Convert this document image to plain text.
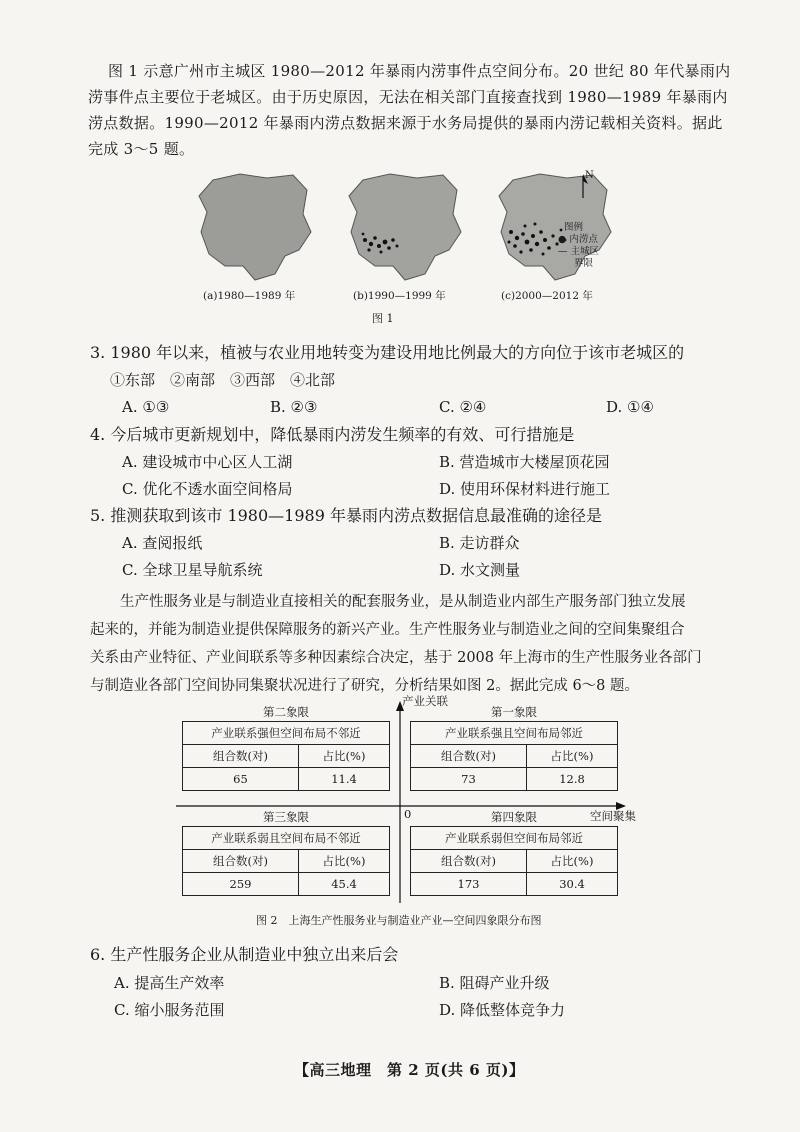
图 1 示意广州市主城区 1980—2012 年暴雨内涝事件点空间分布。20 世纪 80 年代暴雨内
涝事件点主要位于老城区。由于历史原因，无法在相关部门直接查找到 1980—1989 年暴雨内
涝点数据。1990—2012 年暴雨内涝点数据来源于水务局提供的暴雨内涝记载相关资料。据此
完成 3～5 题。
(a)1980—1989 年	(b)1990—1999 年	(c)2000—2012 年
N
图例
● 内涝点
— 主城区
界限
图 1
3. 1980 年以来，植被与农业用地转变为建设用地比例最大的方向位于该市老城区的
①东部　②南部　③西部　④北部
A. ①③	B. ②③	C. ②④	D. ①④
4. 今后城市更新规划中，降低暴雨内涝发生频率的有效、可行措施是
A. 建设城市中心区人工湖	B. 营造城市大楼屋顶花园
C. 优化不透水面空间格局	D. 使用环保材料进行施工
5. 推测获取到该市 1980—1989 年暴雨内涝点数据信息最准确的途径是
A. 查阅报纸	B. 走访群众
C. 全球卫星导航系统	D. 水文测量
生产性服务业是与制造业直接相关的配套服务业，是从制造业内部生产服务部门独立发展
起来的，并能为制造业提供保障服务的新兴产业。生产性服务业与制造业之间的空间集聚组合
关系由产业特征、产业间联系等多种因素综合决定，基于 2008 年上海市的生产性服务业各部门
与制造业各部门空间协同集聚状况进行了研究，分析结果如图 2。据此完成 6～8 题。
产业关联
空间聚集
0
第二象限
产业联系强但空间布局不邻近	
组合数(对)	占比(%)
65	11.4
第一象限
产业联系强且空间布局邻近	
组合数(对)	占比(%)
73	12.8
第三象限
产业联系弱且空间布局不邻近	
组合数(对)	占比(%)
259	45.4
第四象限
产业联系弱但空间布局邻近	
组合数(对)	占比(%)
173	30.4
图 2　上海生产性服务业与制造业产业—空间四象限分布图
6. 生产性服务企业从制造业中独立出来后会
A. 提高生产效率	B. 阻碍产业升级
C. 缩小服务范围	D. 降低整体竞争力
【高三地理　第 2 页(共 6 页)】
